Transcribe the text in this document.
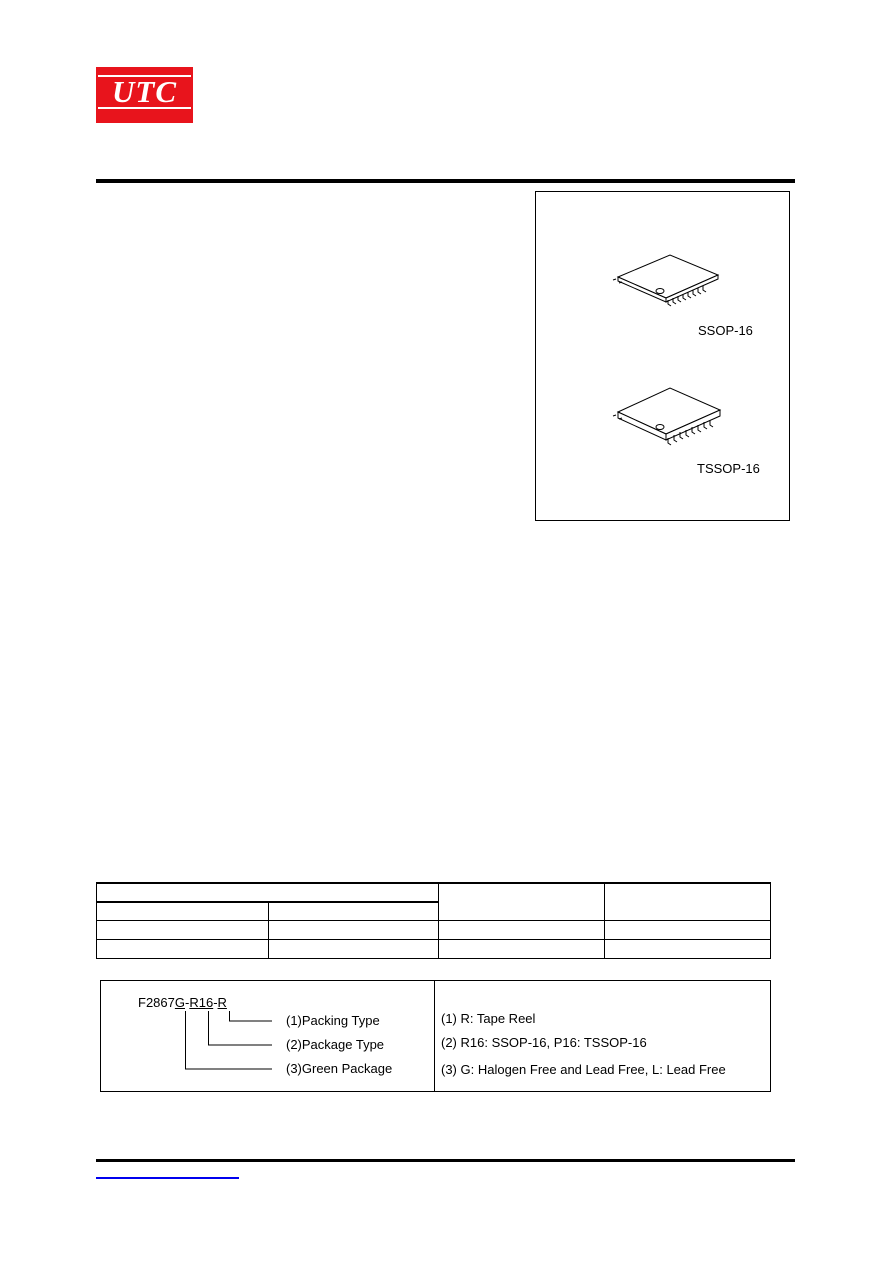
UTC
SSOP-16
TSSOP-16
F2867G-R16-R
(1)Packing Type
(2)Package Type
(3)Green Package
(1) R: Tape Reel
(2) R16: SSOP-16, P16: TSSOP-16
(3) G: Halogen Free and Lead Free, L: Lead Free
